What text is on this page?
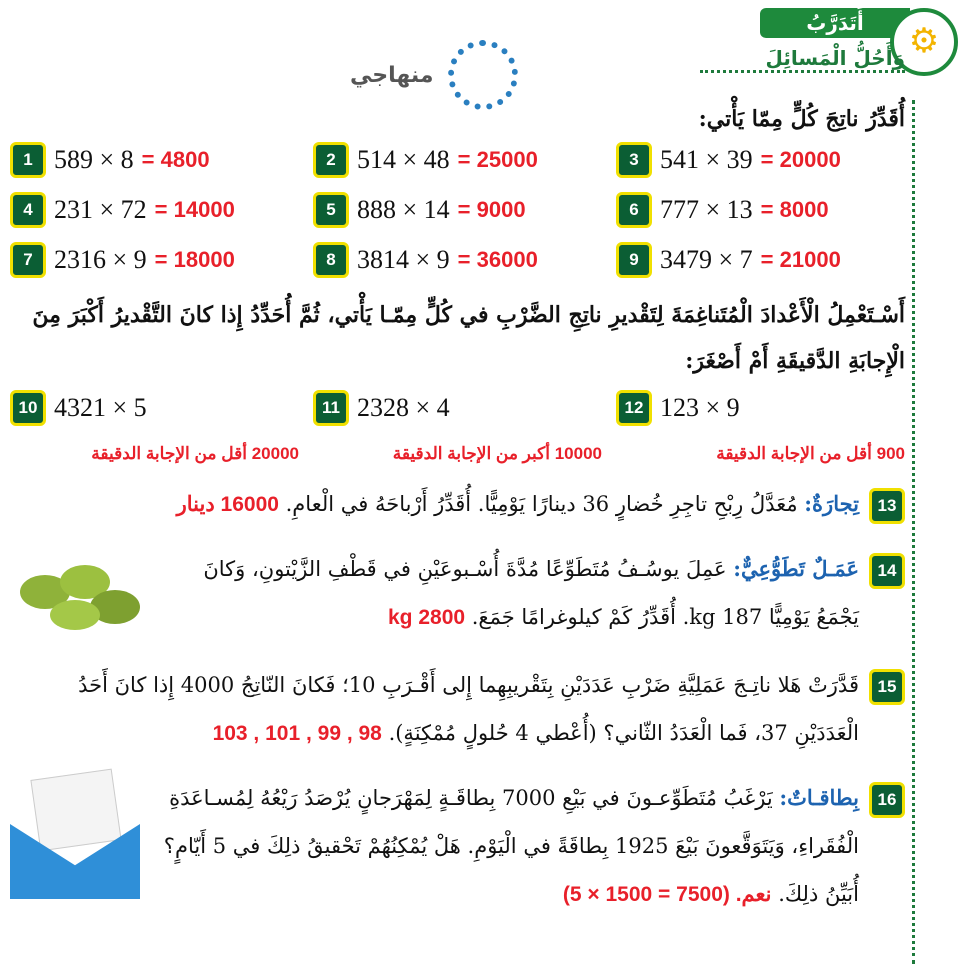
أَتَدَرَّبُ	⚙
وَأَحُلُّ الْمَسائِلَ
منهاجي
أُقَدِّرُ ناتِجَ كُلٍّ مِمّا يَأْتي:
1 589 × 8 = 4800	2 514 × 48 = 25000	3 541 × 39 = 20000
4 231 × 72 = 14000	5 888 × 14 = 9000	6 777 × 13 = 8000
7 2316 × 9 = 18000	8 3814 × 9 = 36000	9 3479 × 7 = 21000
أَسْـتَعْمِلُ الْأَعْدادَ الْمُتَناغِمَةَ لِتَقْديرِ ناتِجِ الضَّرْبِ في كُلٍّ مِمّـا يَأْتي، ثُمَّ أُحَدِّدُ إِذا كانَ التَّقْديرُ أَكْبَرَ مِنَ
الْإِجابَةِ الدَّقيقَةِ أَمْ أَصْغَرَ:
10 4321 × 5
20000 أقل من الإجابة الدقيقة
11 2328 × 4
10000 أكبر من الإجابة الدقيقة
12 123 × 9
900 أقل من الإجابة الدقيقة
13
تِجارَةٌ: مُعَدَّلُ رِبْحِ تاجِرِ خُضارٍ 36 دينارًا يَوْمِيًّا. أُقَدِّرُ أَرْباحَهُ في الْعامِ. 16000 دينار
14
عَمَـلٌ تَطَوُّعِيٌّ: عَمِلَ يوسُـفُ مُتَطَوِّعًا مُدَّةَ أُسْـبوعَيْنِ في قَطْفِ الزَّيْتونِ، وَكانَ
يَجْمَعُ يَوْمِيًّا 187 kg. أُقَدِّرُ كَمْ كيلوغرامًا جَمَعَ. 2800 kg
15
قَدَّرَتْ هَلا ناتِـجَ عَمَلِيَّةِ ضَرْبِ عَدَدَيْنِ بِتَقْريبِهِما إِلى أَقْـرَبِ 10؛ فَكانَ النّاتِجُ 4000 إِذا كانَ أَحَدُ
الْعَدَدَيْنِ 37، فَما الْعَدَدُ الثّاني؟ (أُعْطي 4 حُلولٍ مُمْكِنَةٍ). 103 , 101 , 99 , 98
16
بِطاقـاتٌ: يَرْغَبُ مُتَطَوِّعـونَ في بَيْعِ 7000 بِطاقَـةٍ لِمَهْرَجانٍ يُرْصَدُ رَيْعُهُ لِمُسـاعَدَةِ
الْفُقَراءِ، وَيَتَوَقَّعونَ بَيْعَ 1925 بِطاقَةً في الْيَوْمِ. هَلْ يُمْكِنُهُمْ تَحْقيقُ ذلِكَ في 5 أَيّامٍ؟
أُبَيِّنُ ذلِكَ. نعم. (7500 = 1500 × 5)
